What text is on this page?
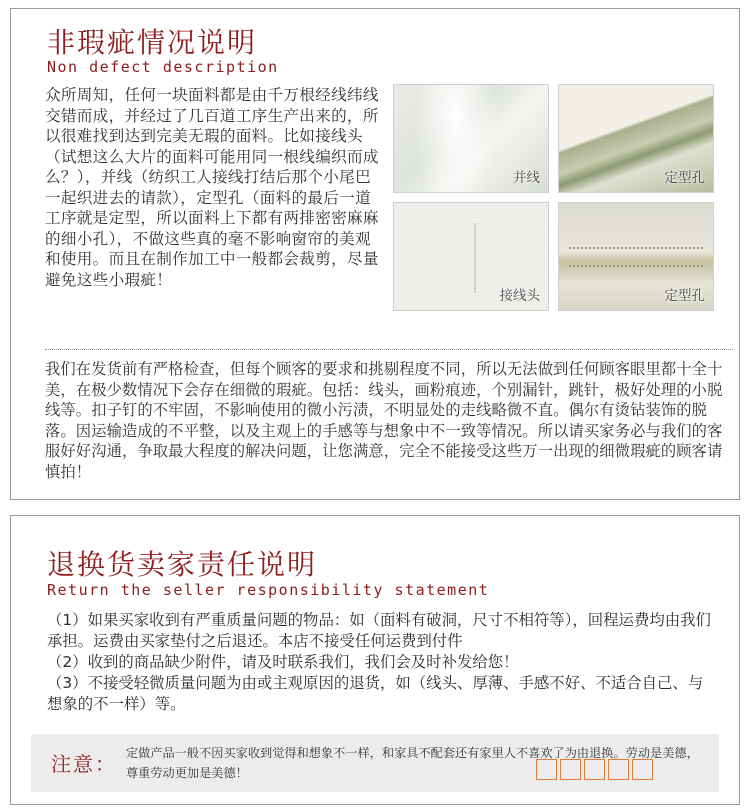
非瑕疵情况说明
Non defect description
众所周知，任何一块面料都是由千万根经线纬线交错而成，并经过了几百道工序生产出来的，所以很难找到达到完美无瑕的面料。比如接线头（试想这么大片的面料可能用同一根线编织而成么？），并线（纺织工人接线打结后那个小尾巴一起织进去的请款），定型孔（面料的最后一道工序就是定型，所以面料上下都有两排密密麻麻的细小孔），不做这些真的毫不影响窗帘的美观和使用。而且在制作加工中一般都会裁剪，尽量避免这些小瑕疵！
并线	定型孔
接线头	定型孔
我们在发货前有严格检查，但每个顾客的要求和挑剔程度不同，所以无法做到任何顾客眼里都十全十美，在极少数情况下会存在细微的瑕疵。包括：线头，画粉痕迹，个别漏针，跳针，极好处理的小脱线等。扣子钉的不牢固，不影响使用的微小污渍，不明显处的走线略微不直。偶尔有烫钻装饰的脱落。因运输造成的不平整，以及主观上的手感等与想象中不一致等情况。所以请买家务必与我们的客服好好沟通，争取最大程度的解决问题，让您满意，完全不能接受这些万一出现的细微瑕疵的顾客请慎拍！
退换货卖家责任说明
Return the seller responsibility statement
（1）如果买家收到有严重质量问题的物品：如（面料有破洞，尺寸不相符等），回程运费均由我们承担。运费由买家垫付之后退还。本店不接受任何运费到付件
（2）收到的商品缺少附件，请及时联系我们，我们会及时补发给您！
（3）不接受轻微质量问题为由或主观原因的退货，如（线头、厚薄、手感不好、不适合自己、与想象的不一样）等。
注意： 定做产品一般不因买家收到觉得和想象不一样，和家具不配套还有家里人不喜欢了为由退换。劳动是美德，尊重劳动更加是美德！
